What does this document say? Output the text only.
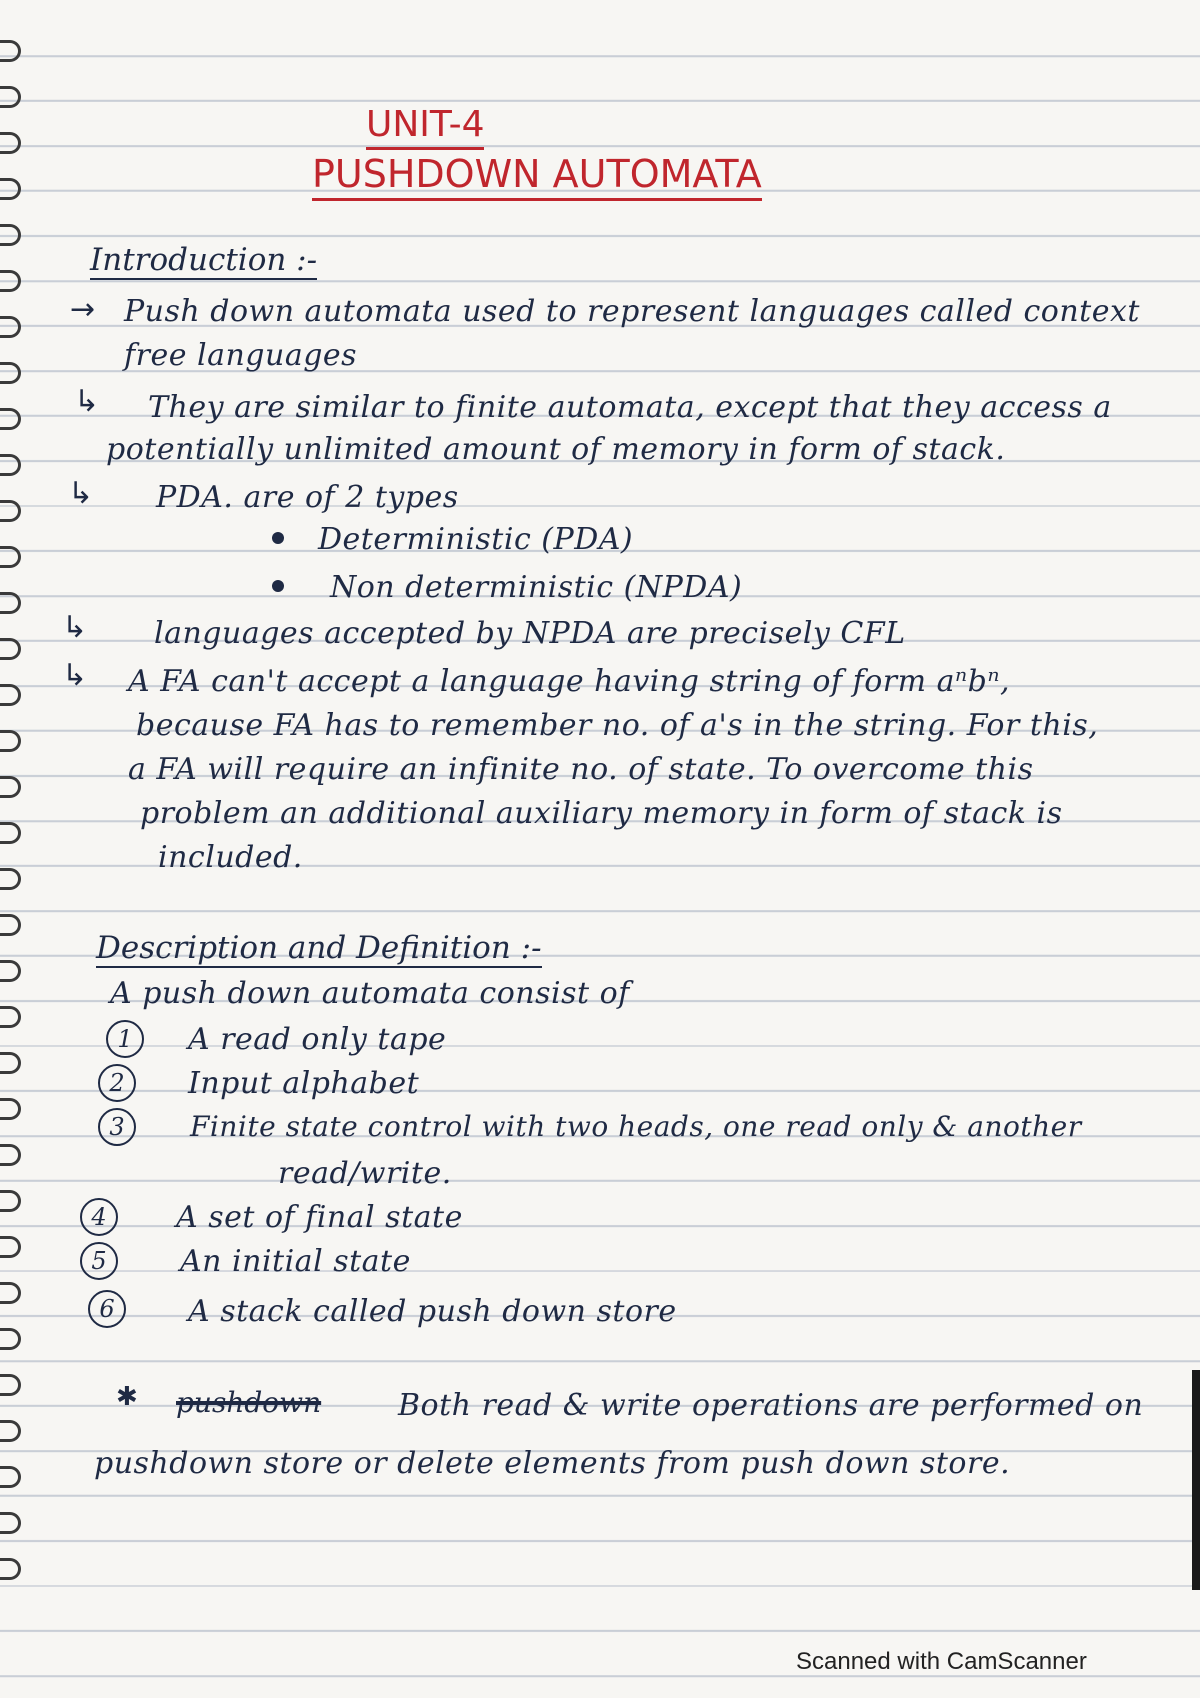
UNIT-4
PUSHDOWN AUTOMATA
Introduction :-
→ Push down automata used to represent languages called context
free languages
↳ They are similar to finite automata, except that they access a
potentially unlimited amount of memory in form of stack.
↳ PDA. are of 2 types
Deterministic (PDA)
Non deterministic (NPDA)
↳ languages accepted by NPDA are precisely CFL
↳ A FA can't accept a language having string of form aⁿbⁿ,
because FA has to remember no. of a's in the string. For this,
a FA will require an infinite no. of state. To overcome this
problem an additional auxiliary memory in form of stack is
included.
Description and Definition :-
A push down automata consist of
1	A read only tape
2	Input alphabet
3	Finite state control with two heads, one read only & another
read/write.
4	A set of final state
5	An initial state
6	A stack called push down store
✱ pushdown	Both read & write operations are performed on
pushdown store or delete elements from push down store.
Scanned with CamScanner
